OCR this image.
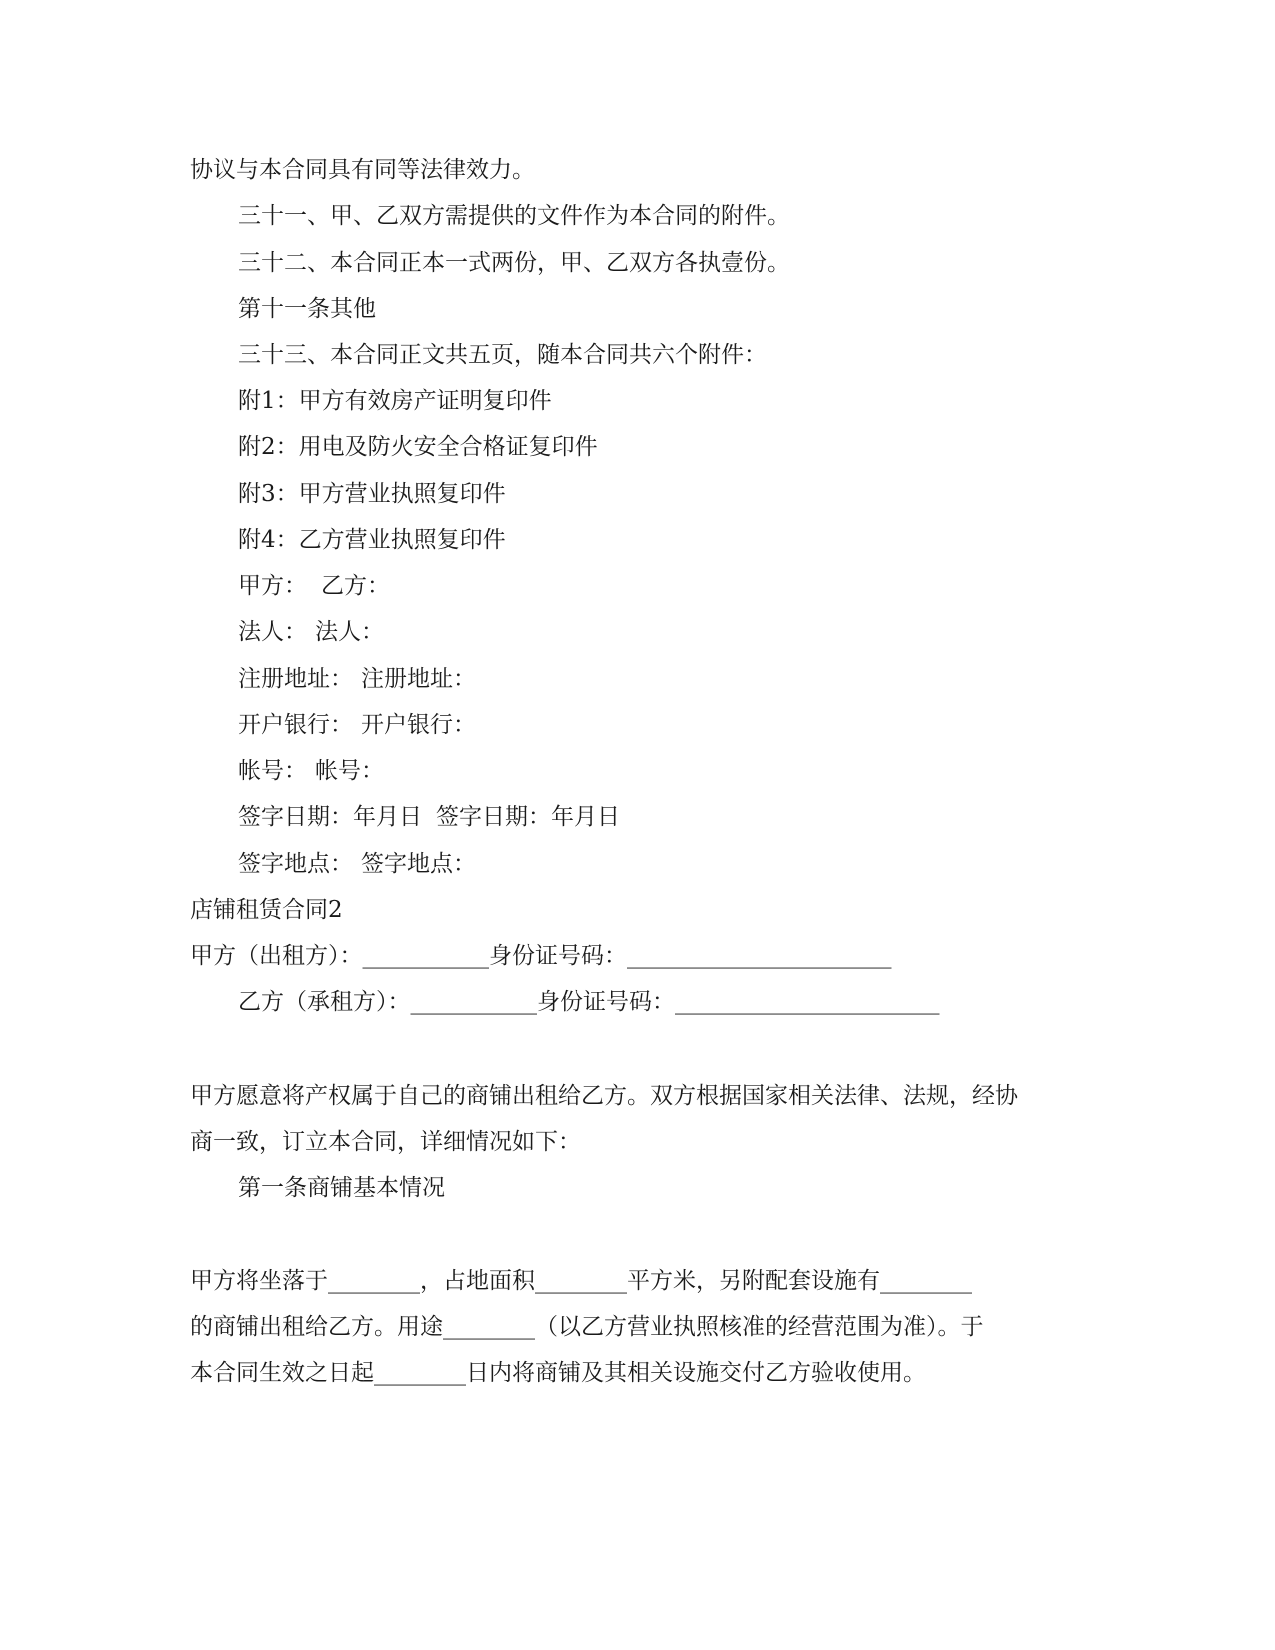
协议与本合同具有同等法律效力。
三十一、甲、乙双方需提供的文件作为本合同的附件。
三十二、本合同正本一式两份，甲、乙双方各执壹份。
第十一条其他
三十三、本合同正文共五页，随本合同共六个附件：
附1：甲方有效房产证明复印件
附2：用电及防火安全合格证复印件
附3：甲方营业执照复印件
附4：乙方营业执照复印件
甲方： 乙方：
法人： 法人：
注册地址： 注册地址：
开户银行： 开户银行：
帐号： 帐号：
签字日期：年月日 签字日期：年月日
签字地点： 签字地点：
店铺租赁合同2
甲方（出租方）：___________身份证号码：_______________________
乙方（承租方）：___________身份证号码：_______________________
甲方愿意将产权属于自己的商铺出租给乙方。双方根据国家相关法律、法规，经协
商一致，订立本合同，详细情况如下：
第一条商铺基本情况
甲方将坐落于________，占地面积________平方米，另附配套设施有________
的商铺出租给乙方。用途________（以乙方营业执照核准的经营范围为准）。于
本合同生效之日起________日内将商铺及其相关设施交付乙方验收使用。
